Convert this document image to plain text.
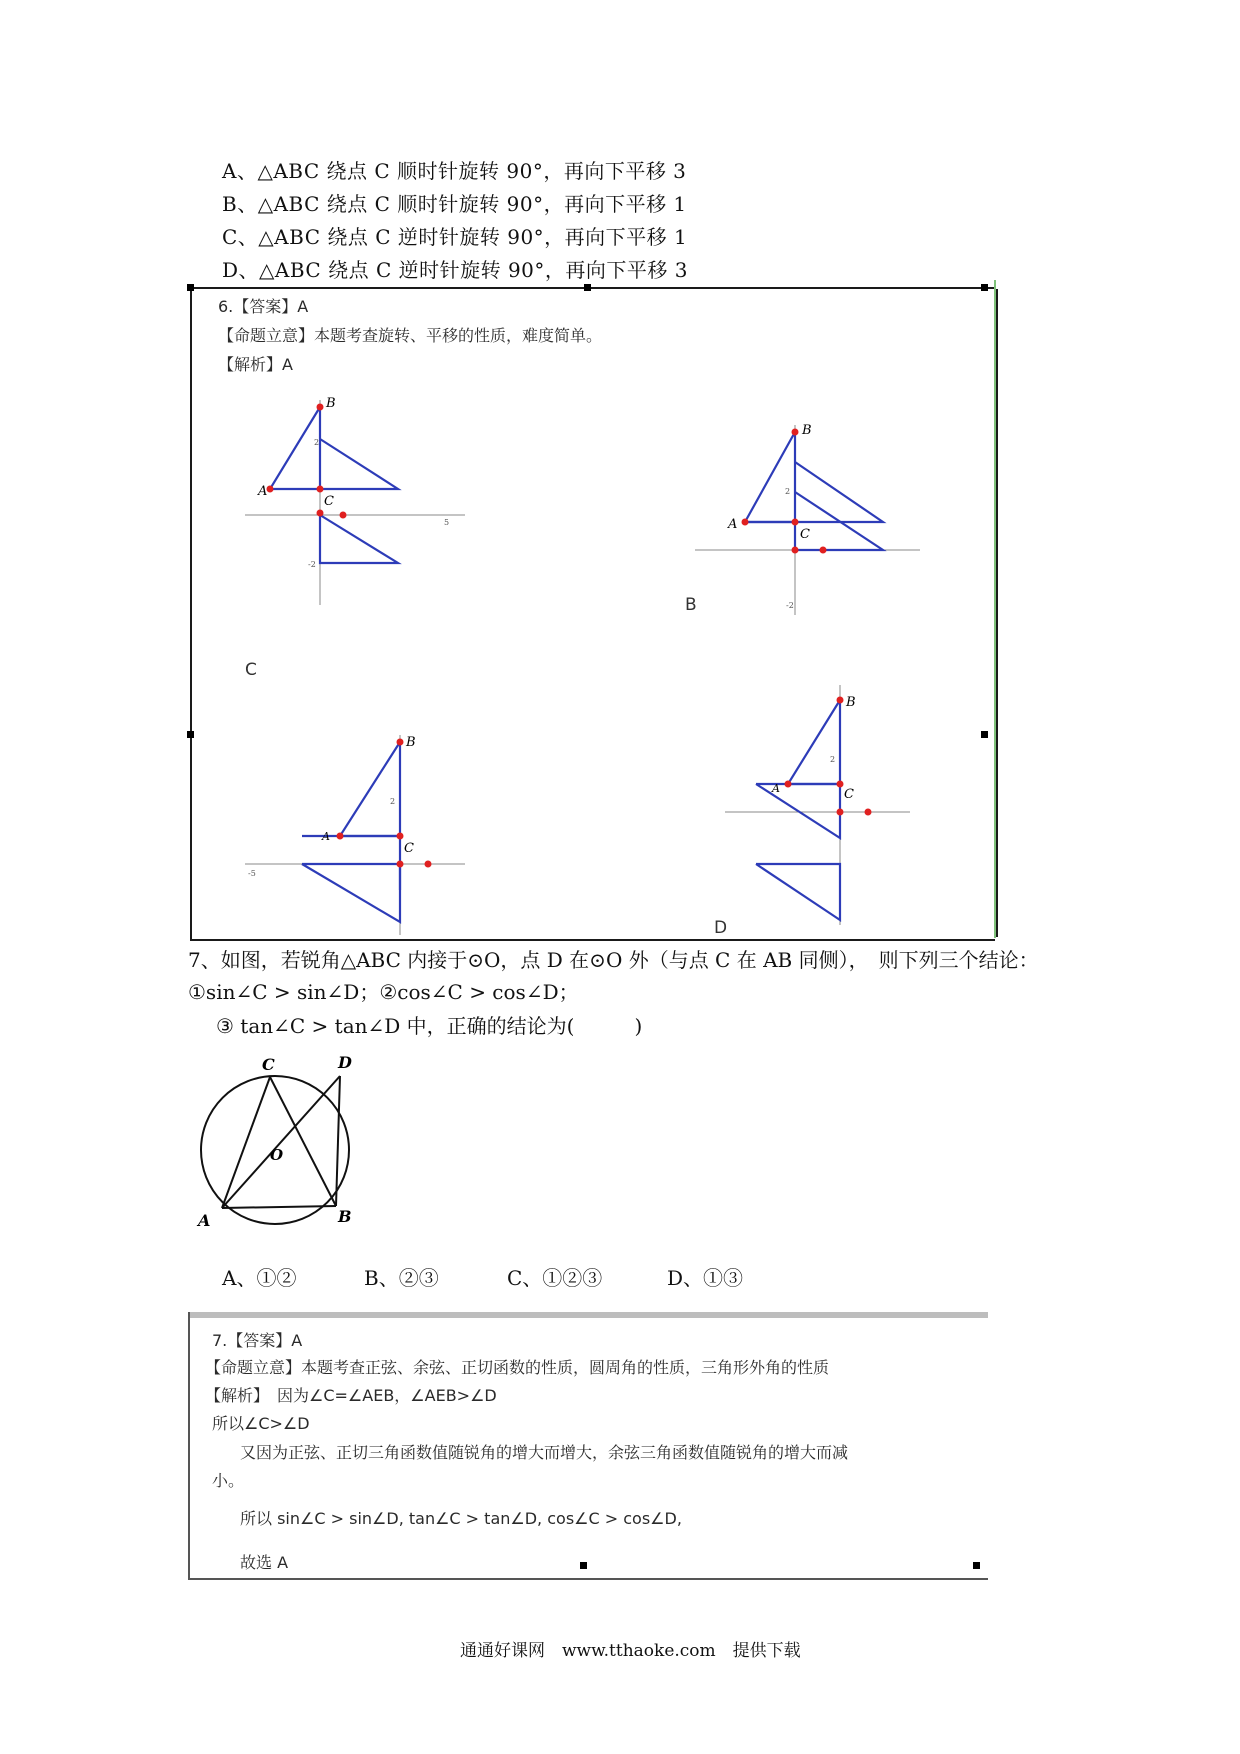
A、△ABC 绕点 C 顺时针旋转 90°，再向下平移 3
B、△ABC 绕点 C 顺时针旋转 90°，再向下平移 1
C、△ABC 绕点 C 逆时针旋转 90°，再向下平移 1
D、△ABC 绕点 C 逆时针旋转 90°，再向下平移 3
6.【答案】A
【命题立意】本题考查旋转、平移的性质，难度简单。
【解析】A
B
A
C
2
5
-2
B
A
C
2
-2
B
C
B
A
C
2
-5
B
A	C
2
D
7、如图，若锐角△ABC 内接于⊙O，点 D 在⊙O 外（与点 C 在 AB 同侧），　则下列三个结论：
①sin∠C > sin∠D；②cos∠C > cos∠D；
③ tan∠C > tan∠D 中，正确的结论为(　　　)
C	D
O
A	B
A、①②	B、②③	C、①②③	D、①③
7.【答案】A
【命题立意】本题考查正弦、余弦、正切函数的性质，圆周角的性质，三角形外角的性质
【解析】　因为∠C=∠AEB，∠AEB>∠D
所以∠C>∠D
又因为正弦、正切三角函数值随锐角的增大而增大，余弦三角函数值随锐角的增大而减
小。
所以 sin∠C > sin∠D, tan∠C > tan∠D, cos∠C > cos∠D,
故选 A
通通好课网　www.tthaoke.com　提供下载
